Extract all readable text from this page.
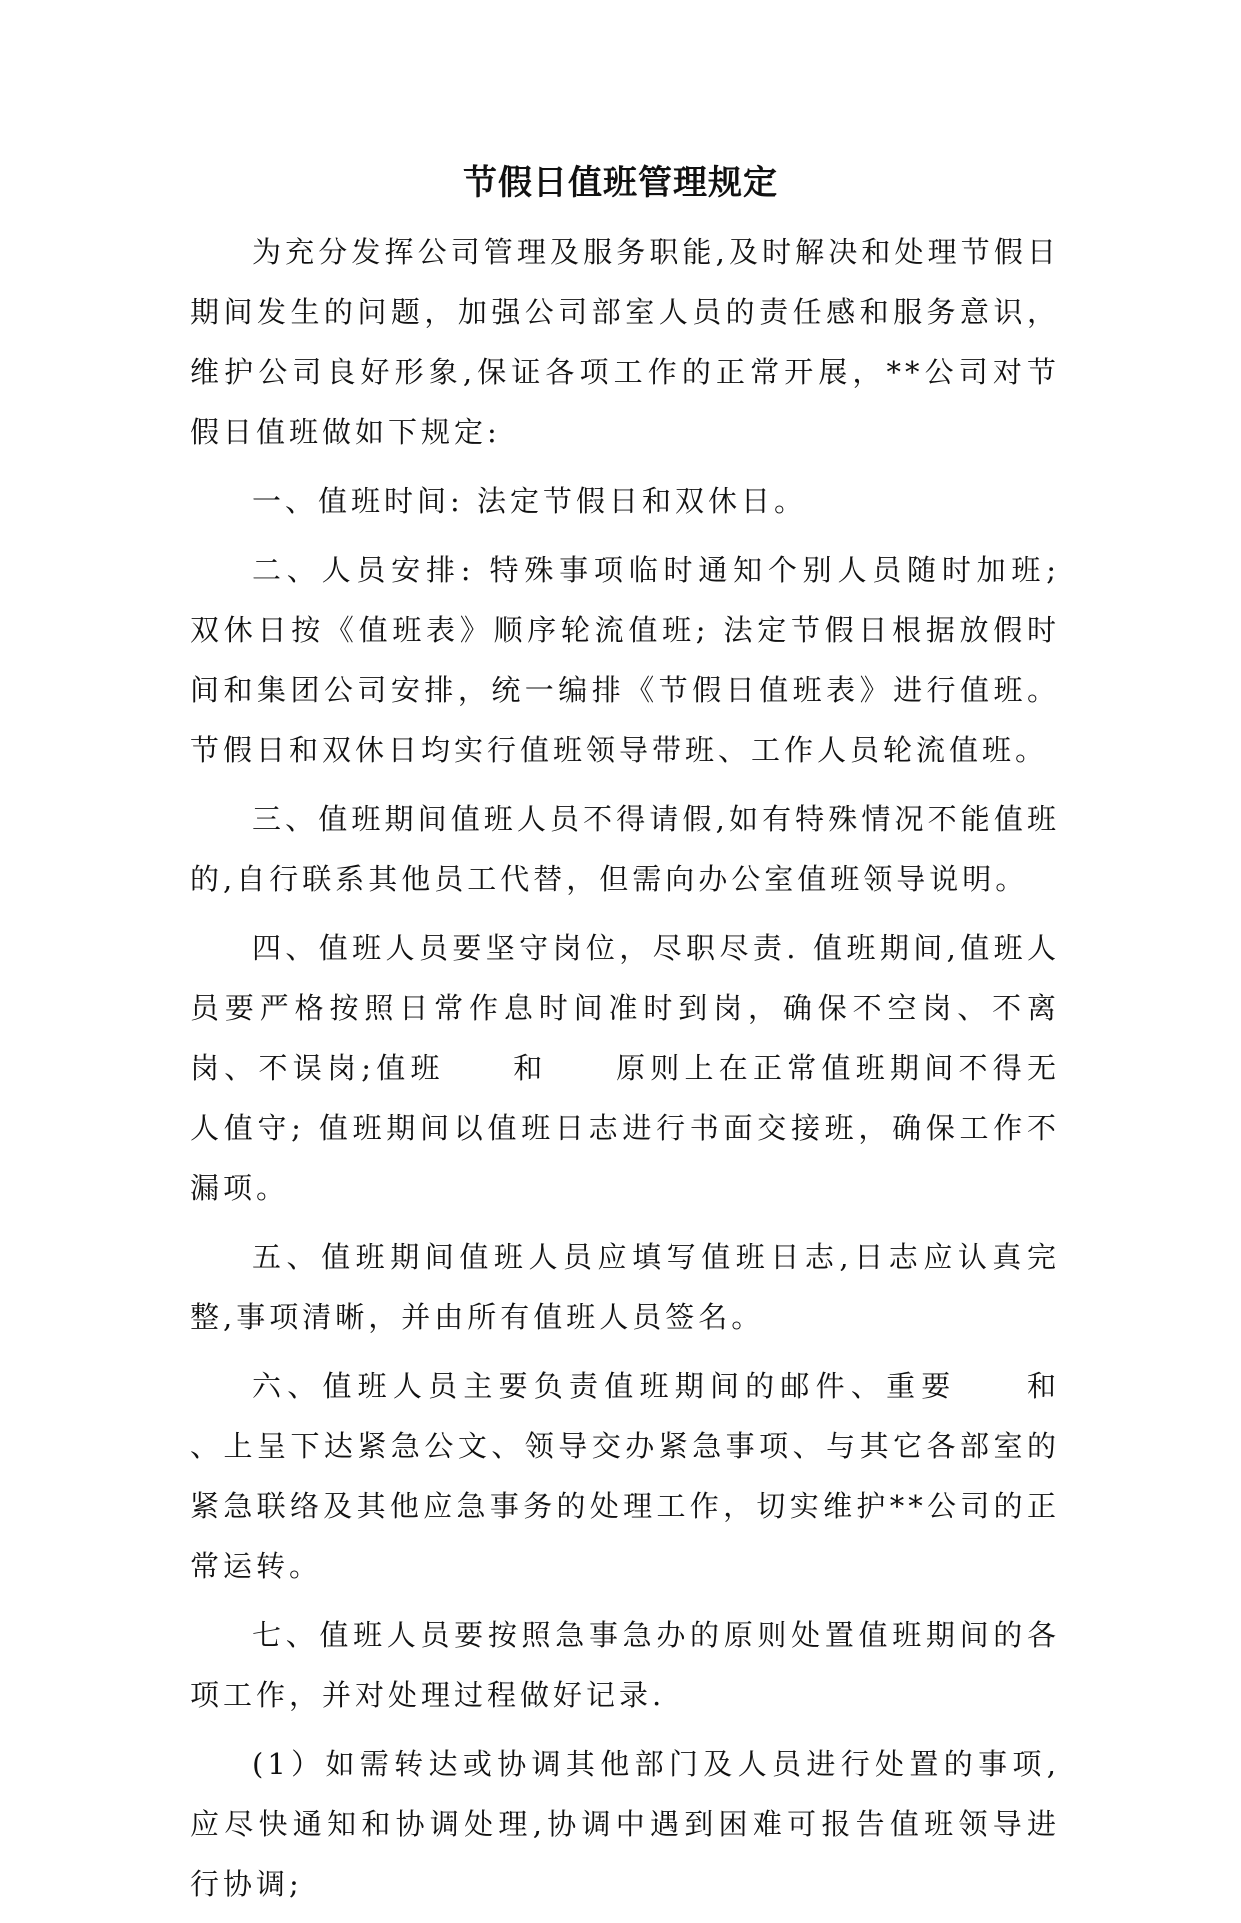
节假日值班管理规定

为充分发挥公司管理及服务职能,及时解决和处理节假日期间发生的问题，加强公司部室人员的责任感和服务意识，维护公司良好形象,保证各项工作的正常开展，**公司对节假日值班做如下规定:

一、值班时间: 法定节假日和双休日。

二、人员安排: 特殊事项临时通知个别人员随时加班; 双休日按《值班表》顺序轮流值班; 法定节假日根据放假时间和集团公司安排，统一编排《节假日值班表》进行值班。节假日和双休日均实行值班领导带班、工作人员轮流值班。

三、值班期间值班人员不得请假,如有特殊情况不能值班的,自行联系其他员工代替，但需向办公室值班领导说明。

四、值班人员要坚守岗位，尽职尽责. 值班期间,值班人员要严格按照日常作息时间准时到岗，确保不空岗、不离岗、不误岗;值班　　和　　原则上在正常值班期间不得无人值守; 值班期间以值班日志进行书面交接班，确保工作不漏项。

五、值班期间值班人员应填写值班日志,日志应认真完整,事项清晰，并由所有值班人员签名。

六、值班人员主要负责值班期间的邮件、重要　　和　　、上呈下达紧急公文、领导交办紧急事项、与其它各部室的紧急联络及其他应急事务的处理工作，切实维护**公司的正常运转。

七、值班人员要按照急事急办的原则处置值班期间的各项工作，并对处理过程做好记录.

(1）如需转达或协调其他部门及人员进行处置的事项,应尽快通知和协调处理,协调中遇到困难可报告值班领导进行协调;
